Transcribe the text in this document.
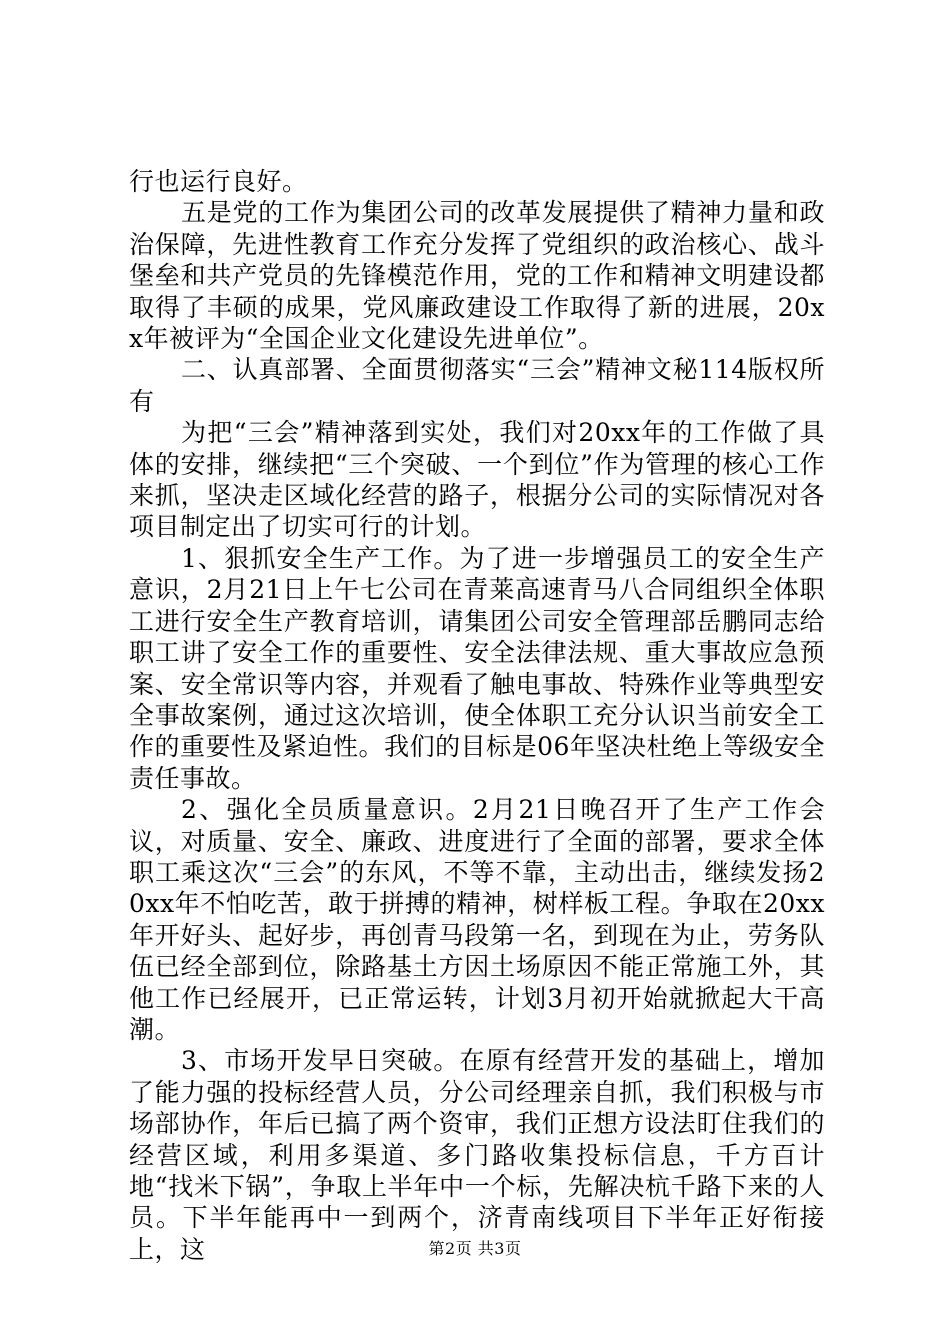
行也运行良好。

五是党的工作为集团公司的改革发展提供了精神力量和政治保障，先进性教育工作充分发挥了党组织的政治核心、战斗堡垒和共产党员的先锋模范作用，党的工作和精神文明建设都取得了丰硕的成果，党风廉政建设工作取得了新的进展，20xx年被评为“全国企业文化建设先进单位”。

二、认真部署、全面贯彻落实“三会”精神文秘114版权所有

为把“三会”精神落到实处，我们对20xx年的工作做了具体的安排，继续把“三个突破、一个到位”作为管理的核心工作来抓，坚决走区域化经营的路子，根据分公司的实际情况对各项目制定出了切实可行的计划。

1、狠抓安全生产工作。为了进一步增强员工的安全生产意识，2月21日上午七公司在青莱高速青马八合同组织全体职工进行安全生产教育培训，请集团公司安全管理部岳鹏同志给职工讲了安全工作的重要性、安全法律法规、重大事故应急预案、安全常识等内容，并观看了触电事故、特殊作业等典型安全事故案例，通过这次培训，使全体职工充分认识当前安全工作的重要性及紧迫性。我们的目标是06年坚决杜绝上等级安全责任事故。

2、强化全员质量意识。2月21日晚召开了生产工作会议，对质量、安全、廉政、进度进行了全面的部署，要求全体职工乘这次“三会”的东风，不等不靠，主动出击，继续发扬20xx年不怕吃苦，敢于拼搏的精神，树样板工程。争取在20xx年开好头、起好步，再创青马段第一名，到现在为止，劳务队伍已经全部到位，除路基土方因土场原因不能正常施工外，其他工作已经展开，已正常运转，计划3月初开始就掀起大干高潮。

3、市场开发早日突破。在原有经营开发的基础上，增加了能力强的投标经营人员，分公司经理亲自抓，我们积极与市场部协作，年后已搞了两个资审，我们正想方设法盯住我们的经营区域，利用多渠道、多门路收集投标信息，千方百计地“找米下锅”，争取上半年中一个标，先解决杭千路下来的人员。下半年能再中一到两个，济青南线项目下半年正好衔接上，这	第2页 共3页
